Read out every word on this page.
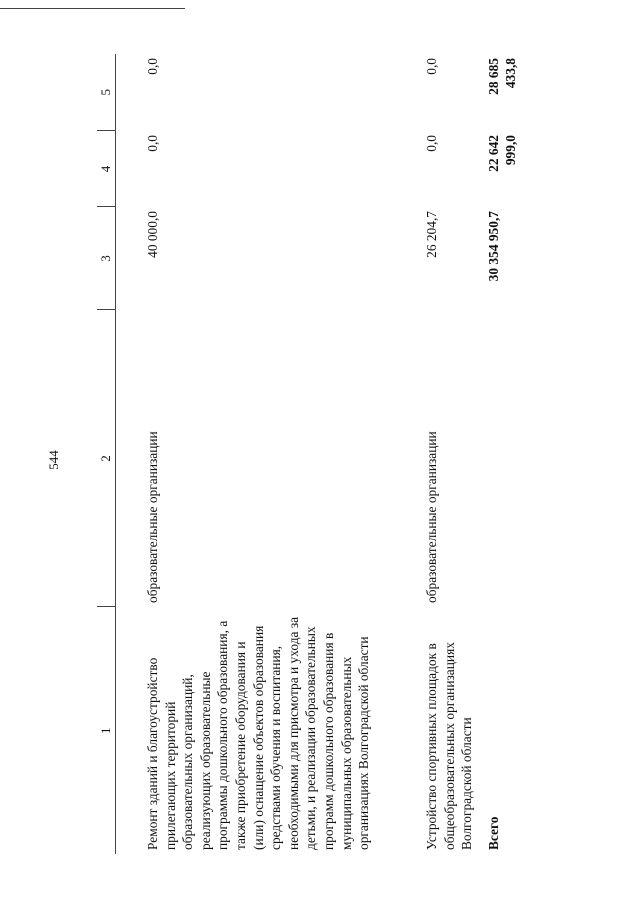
544
1	2	3	4	5
Ремонт зданий и благоустройство прилегающих территорий образовательных организаций, реализующих образовательные программы дошкольного образования, а также приобретение оборудования и (или) оснащение объектов образования средствами обучения и воспитания, необходимыми для присмотра и ухода за детьми, и реализации образовательных программ дошкольного образования в муниципальных образовательных организациях Волгоградской области	образовательные организации	40 000,0	0,0	0,0
Устройство спортивных площадок в общеобразовательных организациях Волгоградской области	образовательные организации	26 204,7	0,0	0,0
Всего		30 354 950,7	22 642 999,0	28 685 433,8
